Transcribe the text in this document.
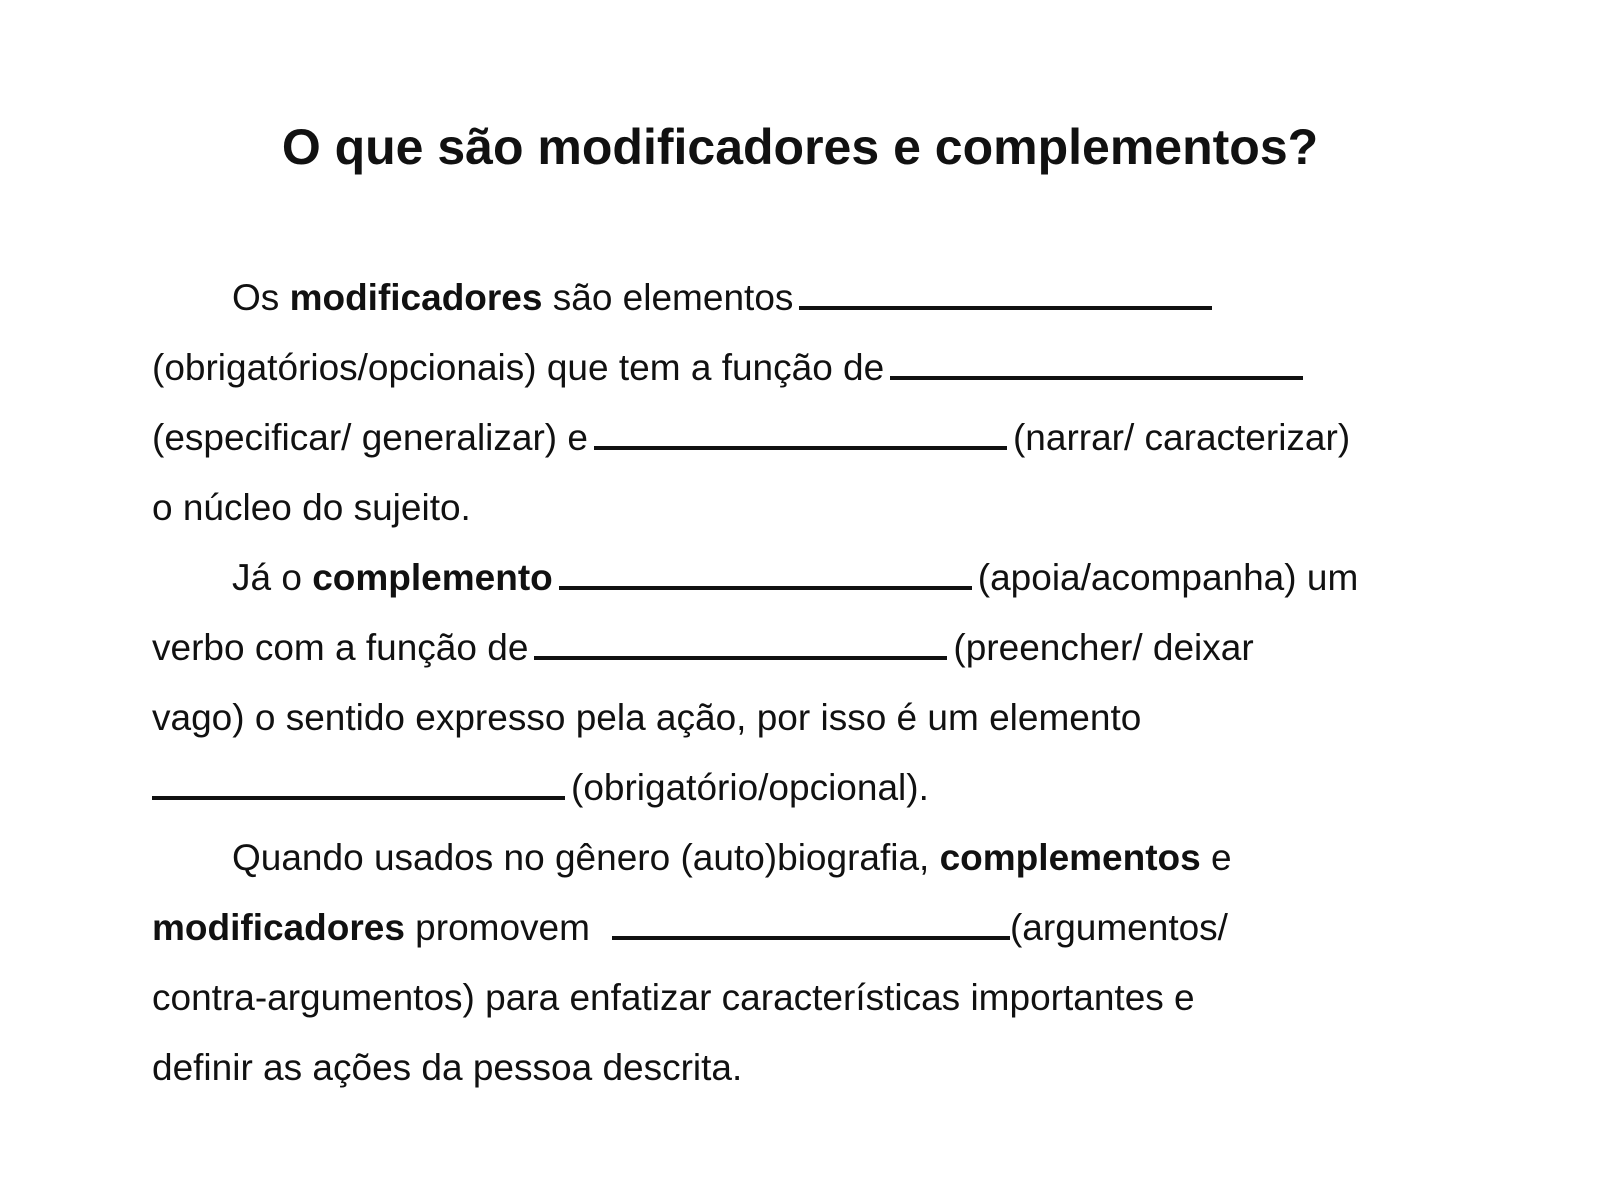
O que são modificadores e complementos?
Os modificadores são elementos
(obrigatórios/opcionais) que tem a função de
(especificar/ generalizar) e	(narrar/ caracterizar)
o núcleo do sujeito.
Já o complemento	(apoia/acompanha) um
verbo com a função de	(preencher/ deixar
vago) o sentido expresso pela ação, por isso é um elemento
(obrigatório/opcional).
Quando usados no gênero (auto)biografia, complementos e
modificadores promovem	(argumentos/
contra-argumentos) para enfatizar características importantes e
definir as ações da pessoa descrita.
